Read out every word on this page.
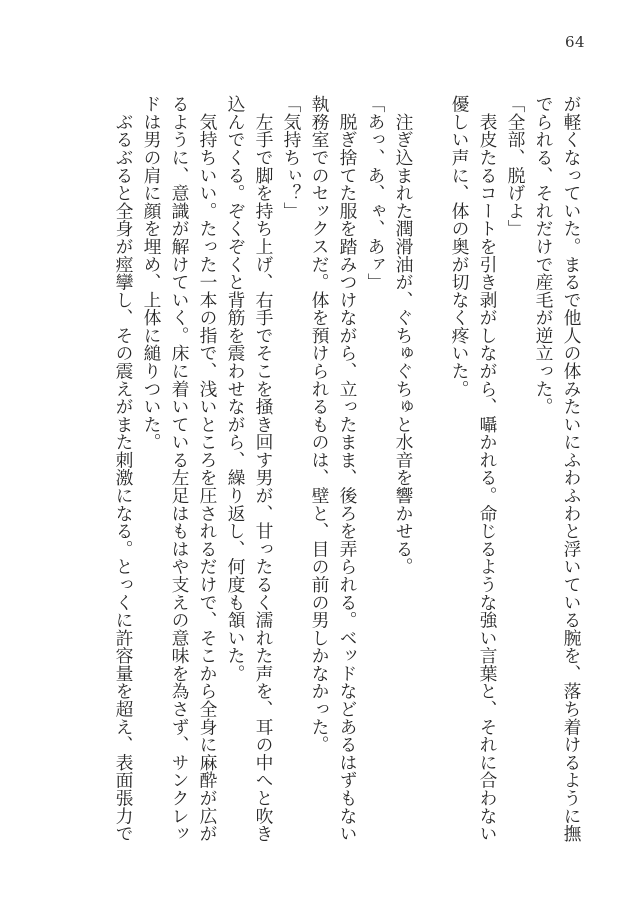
64
が軽くなっていた。まるで他人の体みたいにふわふわと浮いている腕を、落ち着けるように撫
でられる、それだけで産毛が逆立った。
「全部、脱げよ」
　表皮たるコートを引き剥がしながら、囁かれる。命じるような強い言葉と、それに合わない
優しい声に、体の奥が切なく疼いた。
　注ぎ込まれた潤滑油が、ぐちゅぐちゅと水音を響かせる。
「あっ、あ、ゃ、あァ」
　脱ぎ捨てた服を踏みつけながら、立ったまま、後ろを弄られる。ベッドなどあるはずもない
執務室でのセックスだ。体を預けられるものは、壁と、目の前の男しかなかった。
「気持ちぃ？」
　左手で脚を持ち上げ、右手でそこを掻き回す男が、甘ったるく濡れた声を、耳の中へと吹き
込んでくる。ぞくぞくと背筋を震わせながら、繰り返し、何度も頷いた。
　気持ちいい。たった一本の指で、浅いところを圧されるだけで、そこから全身に麻酔が広が
るように、意識が解けていく。床に着いている左足はもはや支えの意味を為さず、サンクレッ
ドは男の肩に顔を埋め、上体に縋りついた。
　ぶるぶると全身が痙攣し、その震えがまた刺激になる。とっくに許容量を超え、表面張力で
